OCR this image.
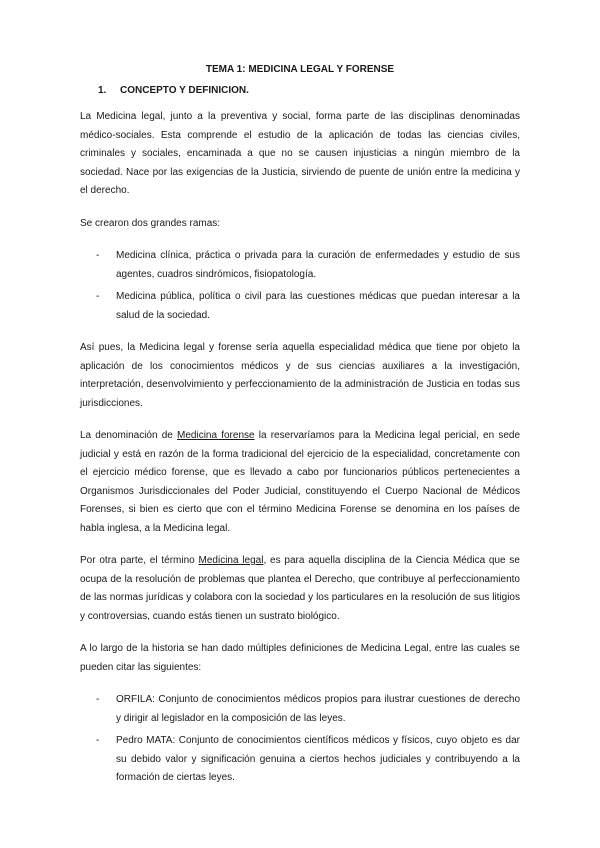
TEMA 1: MEDICINA LEGAL Y FORENSE
1.	CONCEPTO Y DEFINICION.

La Medicina legal, junto a la preventiva y social, forma parte de las disciplinas denominadas médico-sociales. Esta comprende el estudio de la aplicación de todas las ciencias civiles, criminales y sociales, encaminada a que no se causen injusticias a ningún miembro de la sociedad. Nace por las exigencias de la Justicia, sirviendo de puente de unión entre la medicina y el derecho.

Se crearon dos grandes ramas:

- Medicina clínica, práctica o privada para la curación de enfermedades y estudio de sus agentes, cuadros sindrómicos, fisiopatología.
- Medicina pública, política o civil para las cuestiones médicas que puedan interesar a la salud de la sociedad.

Así pues, la Medicina legal y forense sería aquella especialidad médica que tiene por objeto la aplicación de los conocimientos médicos y de sus ciencias auxiliares a la investigación, interpretación, desenvolvimiento y perfeccionamiento de la administración de Justicia en todas sus jurisdicciones.

La denominación de Medicina forense la reservaríamos para la Medicina legal pericial, en sede judicial y está en razón de la forma tradicional del ejercicio de la especialidad, concretamente con el ejercicio médico forense, que es llevado a cabo por funcionarios públicos pertenecientes a Organismos Jurisdiccionales del Poder Judicial, constituyendo el Cuerpo Nacional de Médicos Forenses, si bien es cierto que con el término Medicina Forense se denomina en los países de habla inglesa, a la Medicina legal.

Por otra parte, el término Medicina legal, es para aquella disciplina de la Ciencia Médica que se ocupa de la resolución de problemas que plantea el Derecho, que contribuye al perfeccionamiento de las normas jurídicas y colabora con la sociedad y los particulares en la resolución de sus litigios y controversias, cuando estás tienen un sustrato biológico.

A lo largo de la historia se han dado múltiples definiciones de Medicina Legal, entre las cuales se pueden citar las siguientes:

- ORFILA: Conjunto de conocimientos médicos propios para ilustrar cuestiones de derecho y dirigir al legislador en la composición de las leyes.
- Pedro MATA: Conjunto de conocimientos científicos médicos y físicos, cuyo objeto es dar su debido valor y significación genuina a ciertos hechos judiciales y contribuyendo a la formación de ciertas leyes.
